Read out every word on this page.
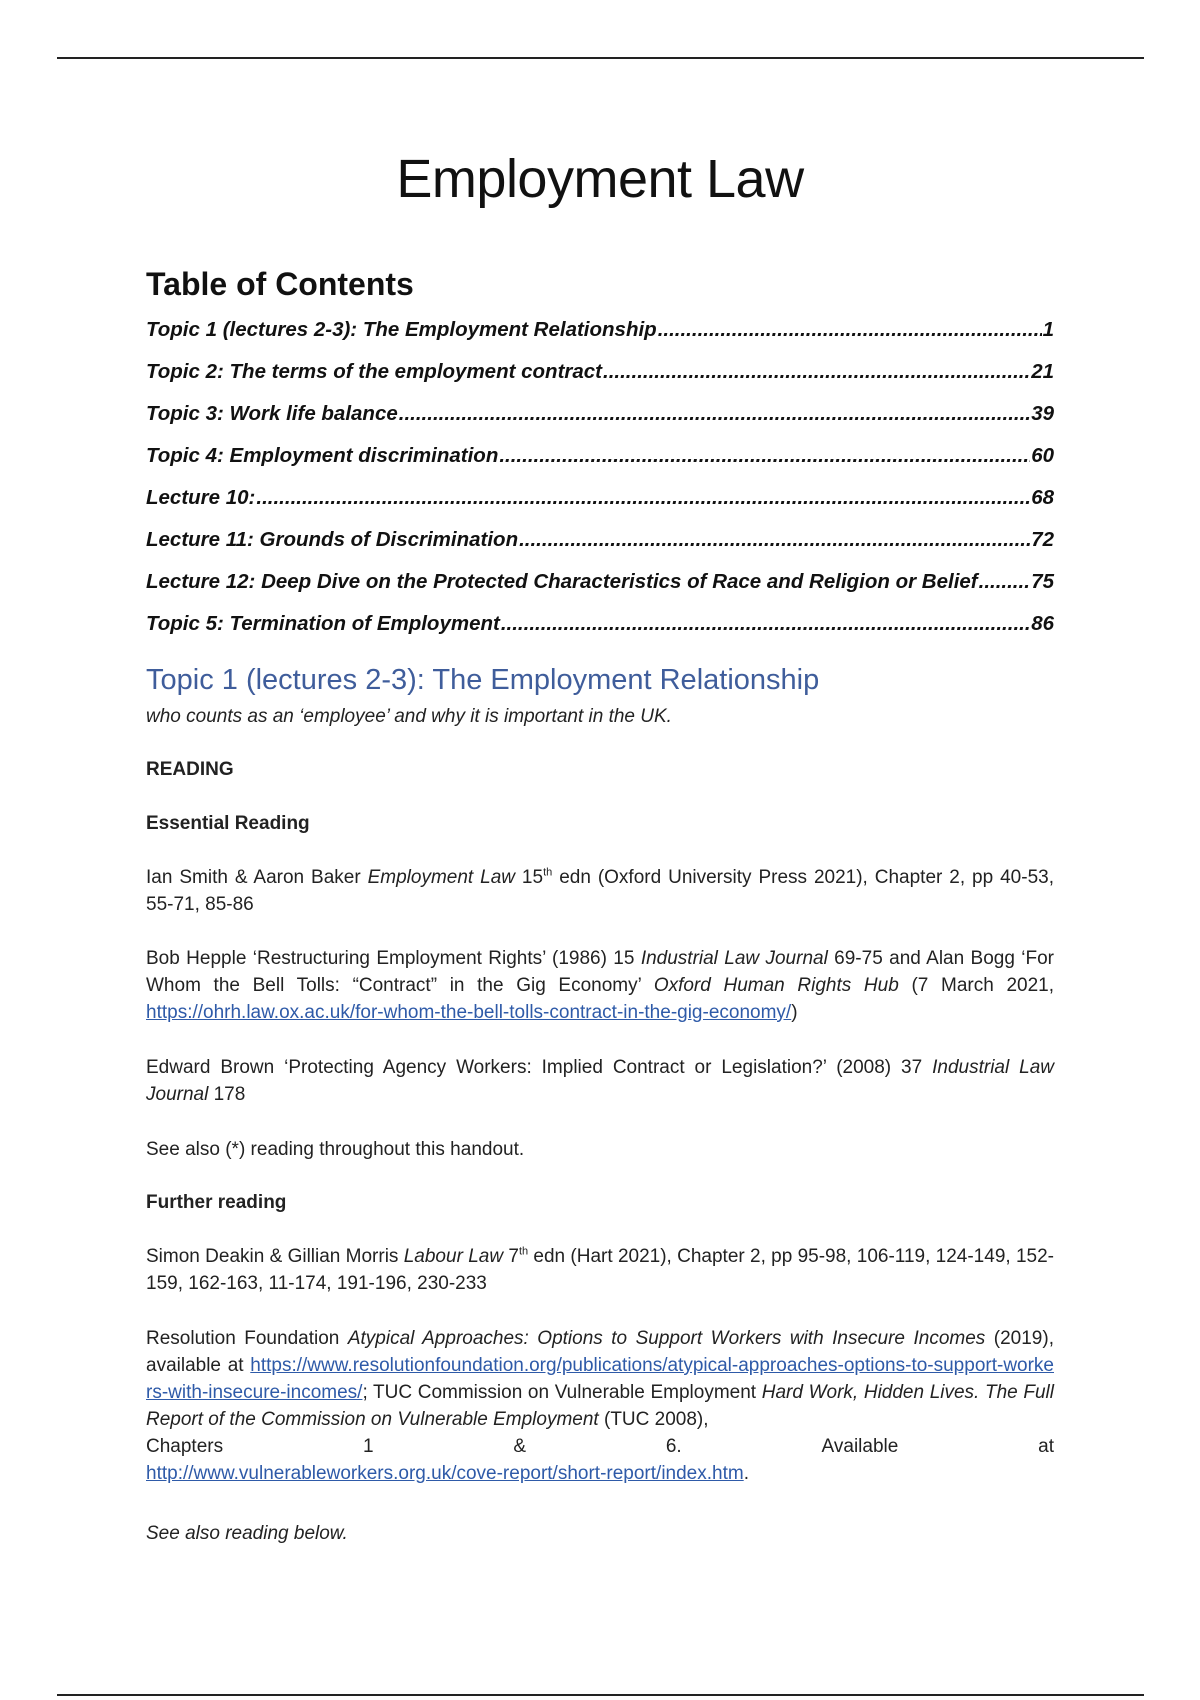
Employment Law
Table of Contents
Topic 1 (lectures 2-3): The Employment Relationship .....	1
Topic 2: The terms of the employment contract .....	21
Topic 3: Work life balance .....	39
Topic 4: Employment discrimination .....	60
Lecture 10: .....	68
Lecture 11: Grounds of Discrimination .....	72
Lecture 12: Deep Dive on the Protected Characteristics of Race and Religion or Belief .....	75
Topic 5: Termination of Employment .....	86
Topic 1 (lectures 2-3): The Employment Relationship
who counts as an ‘employee’ and why it is important in the UK.

READING

Essential Reading

Ian Smith & Aaron Baker Employment Law 15th edn (Oxford University Press 2021), Chapter 2, pp 40-53, 55-71, 85-86

Bob Hepple ‘Restructuring Employment Rights’ (1986) 15 Industrial Law Journal 69-75 and Alan Bogg ‘For Whom the Bell Tolls: “Contract” in the Gig Economy’ Oxford Human Rights Hub (7 March 2021, https://ohrh.law.ox.ac.uk/for-whom-the-bell-tolls-contract-in-the-gig-economy/)

Edward Brown ‘Protecting Agency Workers: Implied Contract or Legislation?’ (2008) 37 Industrial Law Journal 178

See also (*) reading throughout this handout.

Further reading

Simon Deakin & Gillian Morris Labour Law 7th edn (Hart 2021), Chapter 2, pp 95-98, 106-119, 124-149, 152-159, 162-163, 11-174, 191-196, 230-233

Resolution Foundation Atypical Approaches: Options to Support Workers with Insecure Incomes (2019), available at https://www.resolutionfoundation.org/publications/atypical-approaches-options-to-support-workers-with-insecure-incomes/; TUC Commission on Vulnerable Employment Hard Work, Hidden Lives. The Full Report of the Commission on Vulnerable Employment (TUC 2008),
Chapters	1	&	6.	Available	at
http://www.vulnerableworkers.org.uk/cove-report/short-report/index.htm.

See also reading below.
